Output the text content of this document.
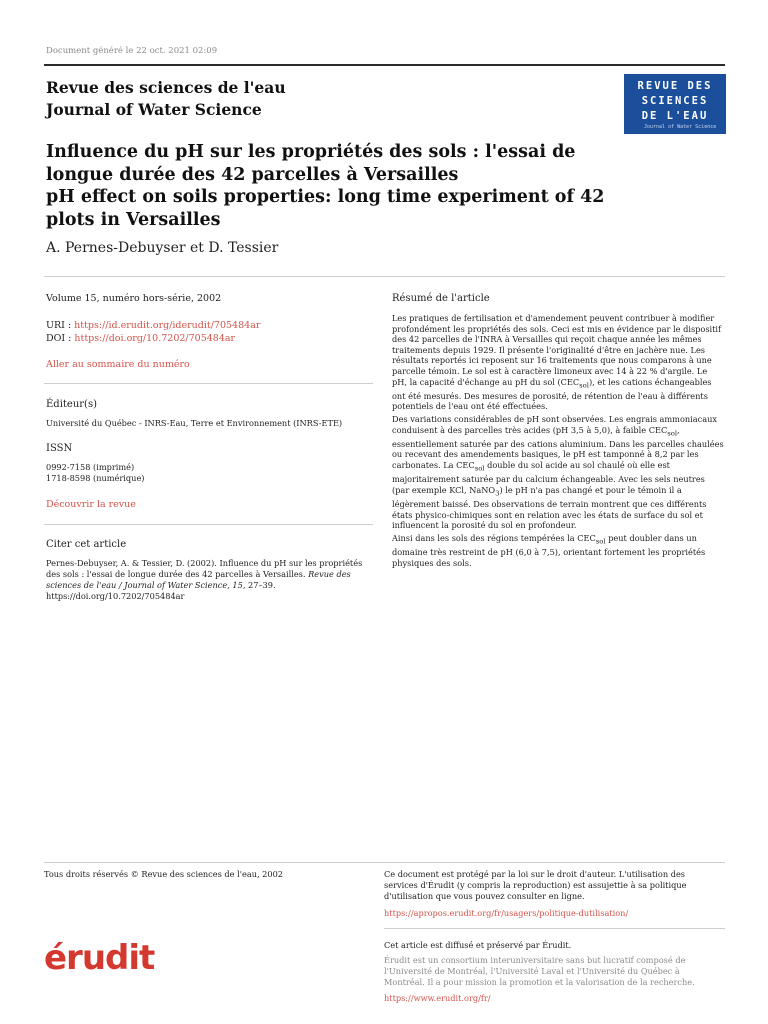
Document généré le 22 oct. 2021 02:09
Revue des sciences de l'eau
Journal of Water Science
REVUE DES
SCIENCES
DE L'EAU
Journal of Water Science
Influence du pH sur les propriétés des sols : l'essai de longue durée des 42 parcelles à Versailles
pH effect on soils properties: long time experiment of 42 plots in Versailles
A. Pernes-Debuyser et D. Tessier
Volume 15, numéro hors-série, 2002
URI : https://id.erudit.org/iderudit/705484ar
DOI : https://doi.org/10.7202/705484ar
Aller au sommaire du numéro
Éditeur(s)
Université du Québec - INRS-Eau, Terre et Environnement (INRS-ETE)
ISSN
0992-7158 (imprimé)
1718-8598 (numérique)
Découvrir la revue
Citer cet article
Pernes-Debuyser, A. & Tessier, D. (2002). Influence du pH sur les propriétés des sols : l'essai de longue durée des 42 parcelles à Versailles. Revue des sciences de l'eau / Journal of Water Science, 15, 27–39. https://doi.org/10.7202/705484ar
Résumé de l'article

Les pratiques de fertilisation et d'amendement peuvent contribuer à modifier profondément les propriétés des sols. Ceci est mis en évidence par le dispositif des 42 parcelles de l'INRA à Versailles qui reçoit chaque année les mêmes traitements depuis 1929. Il présente l'originalité d'être en jachère nue. Les résultats reportés ici reposent sur 16 traitements que nous comparons à une parcelle témoin. Le sol est à caractère limoneux avec 14 à 22 % d'argile. Le pH, la capacité d'échange au pH du sol $(CEC_{sol})$, et les cations échangeables ont été mesurés. Des mesures de porosité, de rétention de l'eau à différents potentiels de l'eau ont été effectuées.

Des variations considérables de pH sont observées. Les engrais ammoniacaux conduisent à des parcelles très acides (pH 3,5 à 5,0), à faible $CEC_{sol}$, essentiellement saturée par des cations aluminium. Dans les parcelles chaulées ou recevant des amendements basiques, le pH est tamponné à 8,2 par les carbonates. La $CEC_{sol}$ double du sol acide au sol chaulé où elle est majoritairement saturée par du calcium échangeable. Avec les sels neutres (par exemple KCl, NaNO$_3$) le pH n'a pas changé et pour le témoin il a légèrement baissé. Des observations de terrain montrent que ces différents états physico-chimiques sont en relation avec les états de surface du sol et influencent la porosité du sol en profondeur.

Ainsi dans les sols des régions tempérées la $CEC_{sol}$ peut doubler dans un domaine très restreint de pH (6,0 à 7,5), orientant fortement les propriétés physiques des sols.

Tous droits réservés © Revue des sciences de l'eau, 2002	Ce document est protégé par la loi sur le droit d'auteur. L'utilisation des services d'Érudit (y compris la reproduction) est assujettie à sa politique d'utilisation que vous pouvez consulter en ligne.
https://apropos.erudit.org/fr/usagers/politique-dutilisation/
érudit	Cet article est diffusé et préservé par Érudit.
Érudit est un consortium interuniversitaire sans but lucratif composé de l'Université de Montréal, l'Université Laval et l'Université du Québec à Montréal. Il a pour mission la promotion et la valorisation de la recherche.
https://www.erudit.org/fr/
